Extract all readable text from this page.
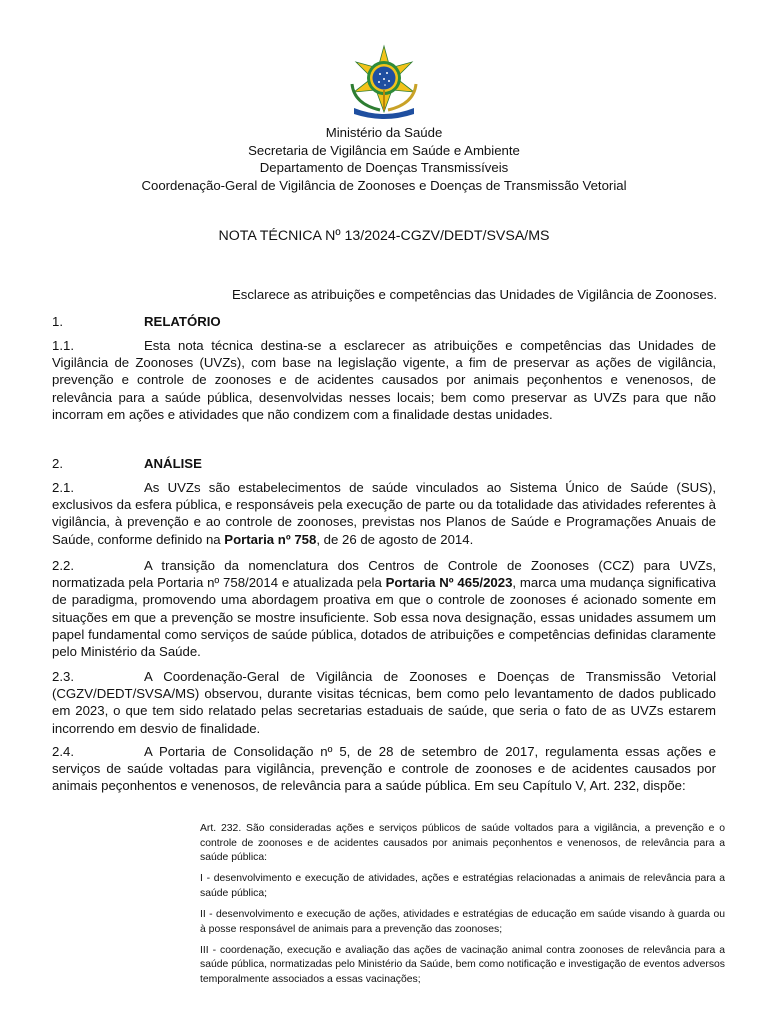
Ministério da Saúde
Secretaria de Vigilância em Saúde e Ambiente
Departamento de Doenças Transmissíveis
Coordenação-Geral de Vigilância de Zoonoses e Doenças de Transmissão Vetorial
NOTA TÉCNICA Nº 13/2024-CGZV/DEDT/SVSA/MS
Esclarece as atribuições e competências das Unidades de Vigilância de Zoonoses.
1.	RELATÓRIO
1.1.	Esta nota técnica destina-se a esclarecer as atribuições e competências das Unidades de Vigilância de Zoonoses (UVZs), com base na legislação vigente, a fim de preservar as ações de vigilância, prevenção e controle de zoonoses e de acidentes causados por animais peçonhentos e venenosos, de relevância para a saúde pública, desenvolvidas nesses locais; bem como preservar as UVZs para que não incorram em ações e atividades que não condizem com a finalidade destas unidades.
2.	ANÁLISE
2.1.	As UVZs são estabelecimentos de saúde vinculados ao Sistema Único de Saúde (SUS), exclusivos da esfera pública, e responsáveis pela execução de parte ou da totalidade das atividades referentes à vigilância, à prevenção e ao controle de zoonoses, previstas nos Planos de Saúde e Programações Anuais de Saúde, conforme definido na Portaria nº 758, de 26 de agosto de 2014.
2.2.	A transição da nomenclatura dos Centros de Controle de Zoonoses (CCZ) para UVZs, normatizada pela Portaria nº 758/2014 e atualizada pela Portaria Nº 465/2023, marca uma mudança significativa de paradigma, promovendo uma abordagem proativa em que o controle de zoonoses é acionado somente em situações em que a prevenção se mostre insuficiente. Sob essa nova designação, essas unidades assumem um papel fundamental como serviços de saúde pública, dotados de atribuições e competências definidas claramente pelo Ministério da Saúde.
2.3.	A Coordenação-Geral de Vigilância de Zoonoses e Doenças de Transmissão Vetorial (CGZV/DEDT/SVSA/MS) observou, durante visitas técnicas, bem como pelo levantamento de dados publicado em 2023, o que tem sido relatado pelas secretarias estaduais de saúde, que seria o fato de as UVZs estarem incorrendo em desvio de finalidade.
2.4.	A Portaria de Consolidação nº 5, de 28 de setembro de 2017, regulamenta essas ações e serviços de saúde voltadas para vigilância, prevenção e controle de zoonoses e de acidentes causados por animais peçonhentos e venenosos, de relevância para a saúde pública. Em seu Capítulo V, Art. 232, dispõe:

Art. 232. São consideradas ações e serviços públicos de saúde voltados para a vigilância, a prevenção e o controle de zoonoses e de acidentes causados por animais peçonhentos e venenosos, de relevância para a saúde pública:

I - desenvolvimento e execução de atividades, ações e estratégias relacionadas a animais de relevância para a saúde pública;

II - desenvolvimento e execução de ações, atividades e estratégias de educação em saúde visando à guarda ou à posse responsável de animais para a prevenção das zoonoses;

III - coordenação, execução e avaliação das ações de vacinação animal contra zoonoses de relevância para a saúde pública, normatizadas pelo Ministério da Saúde, bem como notificação e investigação de eventos adversos temporalmente associados a essas vacinações;
